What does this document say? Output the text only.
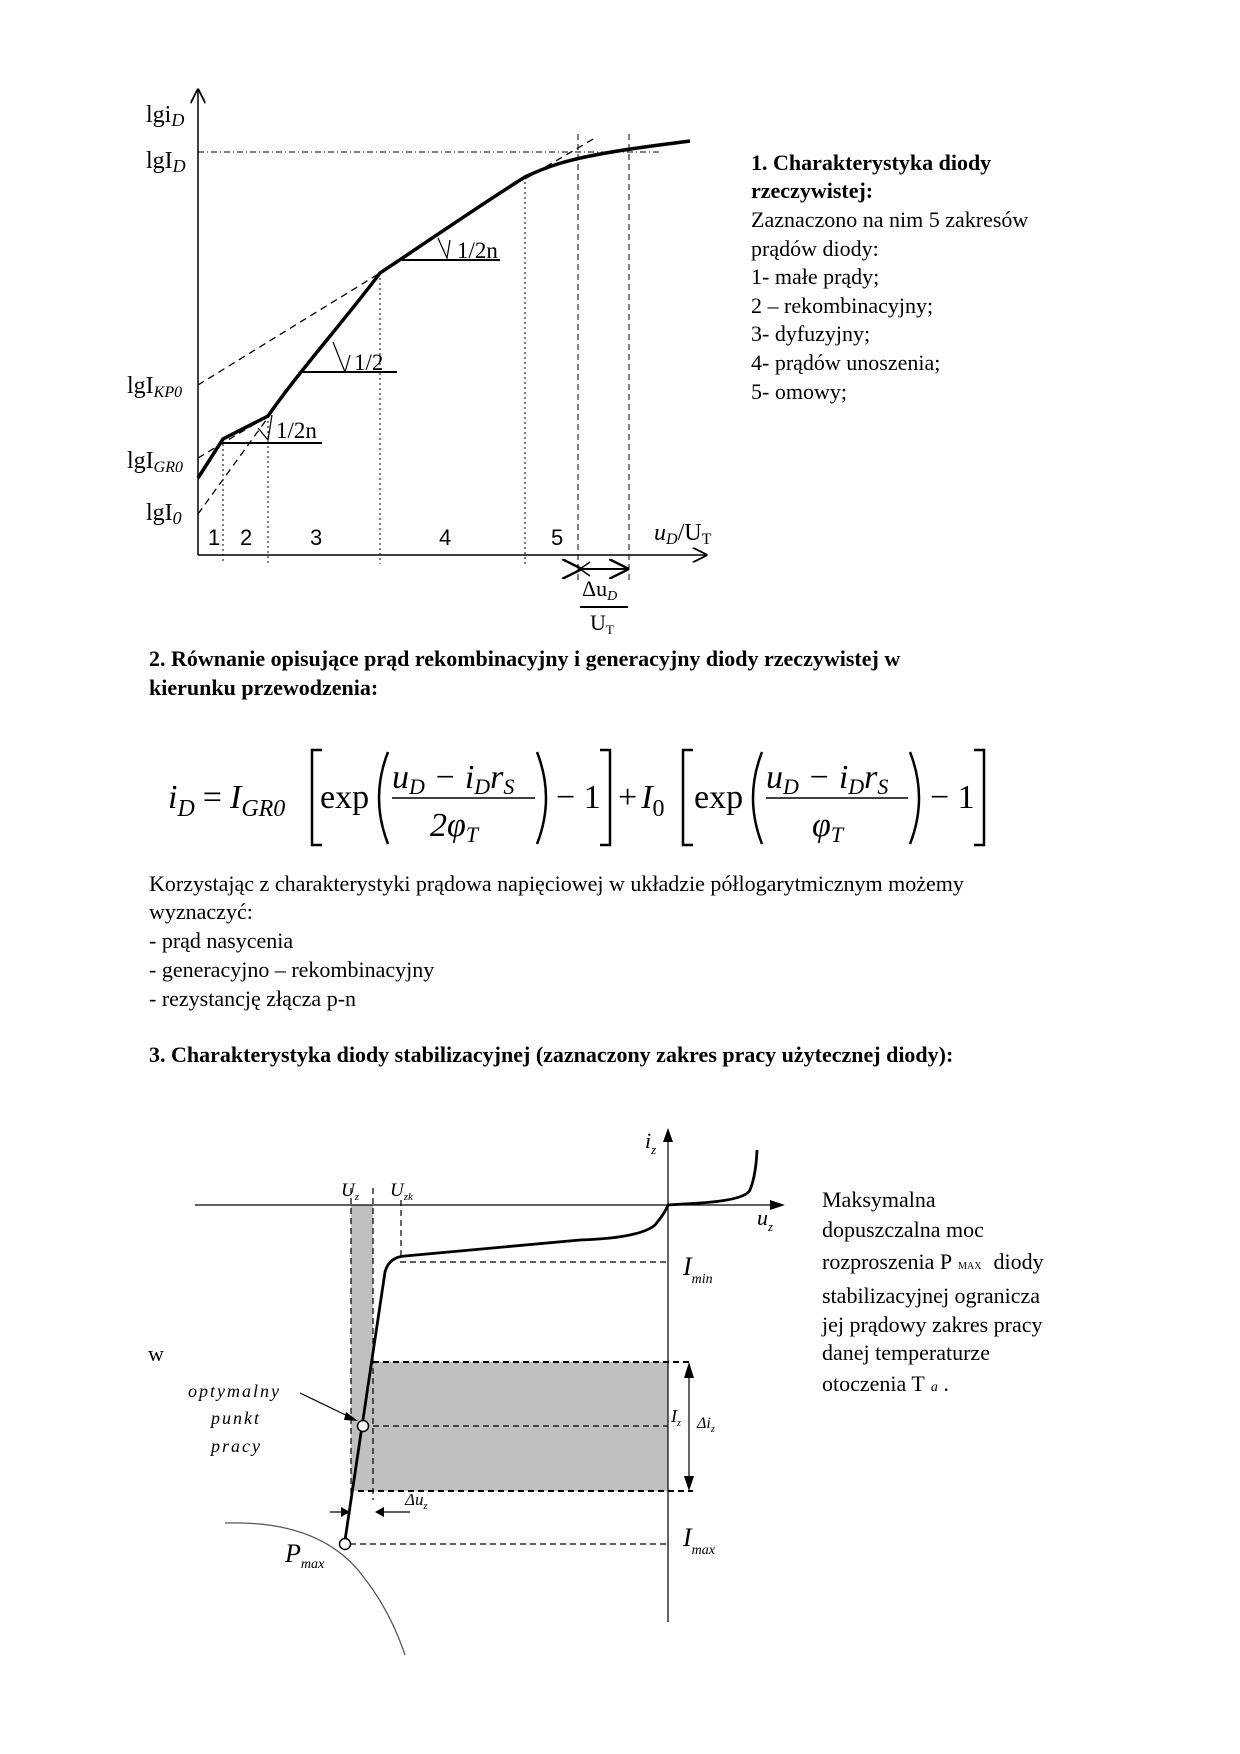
lgiD
lgID
lgIKP0
lgIGR0
lgI0
uD/UT
1 2	3	4	5
1/2n
1/2
1/2n
ΔuD
UT
1. Charakterystyka diody
rzeczywistej:
Zaznaczono na nim 5 zakresów
prądów diody:
1- małe prądy;
2 – rekombinacyjny;
3- dyfuzyjny;
4- prądów unoszenia;
5- omowy;
2. Równanie opisujące prąd rekombinacyjny i generacyjny diody rzeczywistej w
kierunku przewodzenia:
$i_D = I_{GR0}$ exp
uD − iDrS
2φT
− $1 + I_0$ exp
uD − iDrS
φT
− 1
Korzystając z charakterystyki prądowa napięciowej w układzie półlogarytmicznym możemy
wyznaczyć:
- prąd nasycenia
- generacyjno – rekombinacyjny
- rezystancję złącza p-n
3. Charakterystyka diody stabilizacyjnej (zaznaczony zakres pracy użytecznej diody):
$i_z$
$u_z$
$U_z$ $U_{zk}$
$I_{min}$
$I_{max}$
$I_z$ $\Delta i_z$
$\Delta u_z$
$P_{max}$
optymalny
punkt
pracy
w
Maksymalna
dopuszczalna moc
rozproszenia P MAX diody
stabilizacyjnej ogranicza
jej prądowy zakres pracy
danej temperaturze
otoczenia T a .
